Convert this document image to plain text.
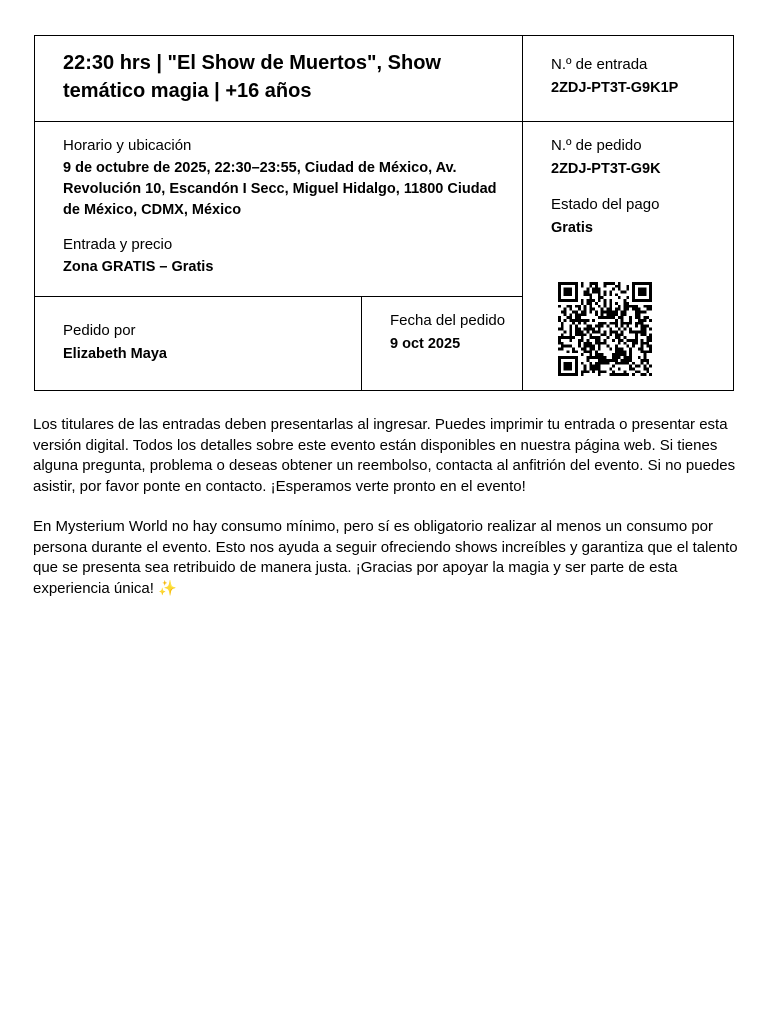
22:30 hrs | "El Show de Muertos", Show temático magia | +16 años

N.º de entrada

2ZDJ-PT3T-G9K1P

Horario y ubicación

9 de octubre de 2025, 22:30–23:55, Ciudad de México, Av. Revolución 10, Escandón I Secc, Miguel Hidalgo, 11800 Ciudad de México, CDMX, México

Entrada y precio

Zona GRATIS – Gratis

N.º de pedido

2ZDJ-PT3T-G9K

Estado del pago

Gratis

Pedido por

Elizabeth Maya

Fecha del pedido

9 oct 2025

Los titulares de las entradas deben presentarlas al ingresar. Puedes imprimir tu entrada o presentar esta versión digital. Todos los detalles sobre este evento están disponibles en nuestra página web. Si tienes alguna pregunta, problema o deseas obtener un reembolso, contacta al anfitrión del evento. Si no puedes asistir, por favor ponte en contacto. ¡Esperamos verte pronto en el evento!

En Mysterium World no hay consumo mínimo, pero sí es obligatorio realizar al menos un consumo por persona durante el evento. Esto nos ayuda a seguir ofreciendo shows increíbles y garantiza que el talento que se presenta sea retribuido de manera justa. ¡Gracias por apoyar la magia y ser parte de esta experiencia única! ✨
